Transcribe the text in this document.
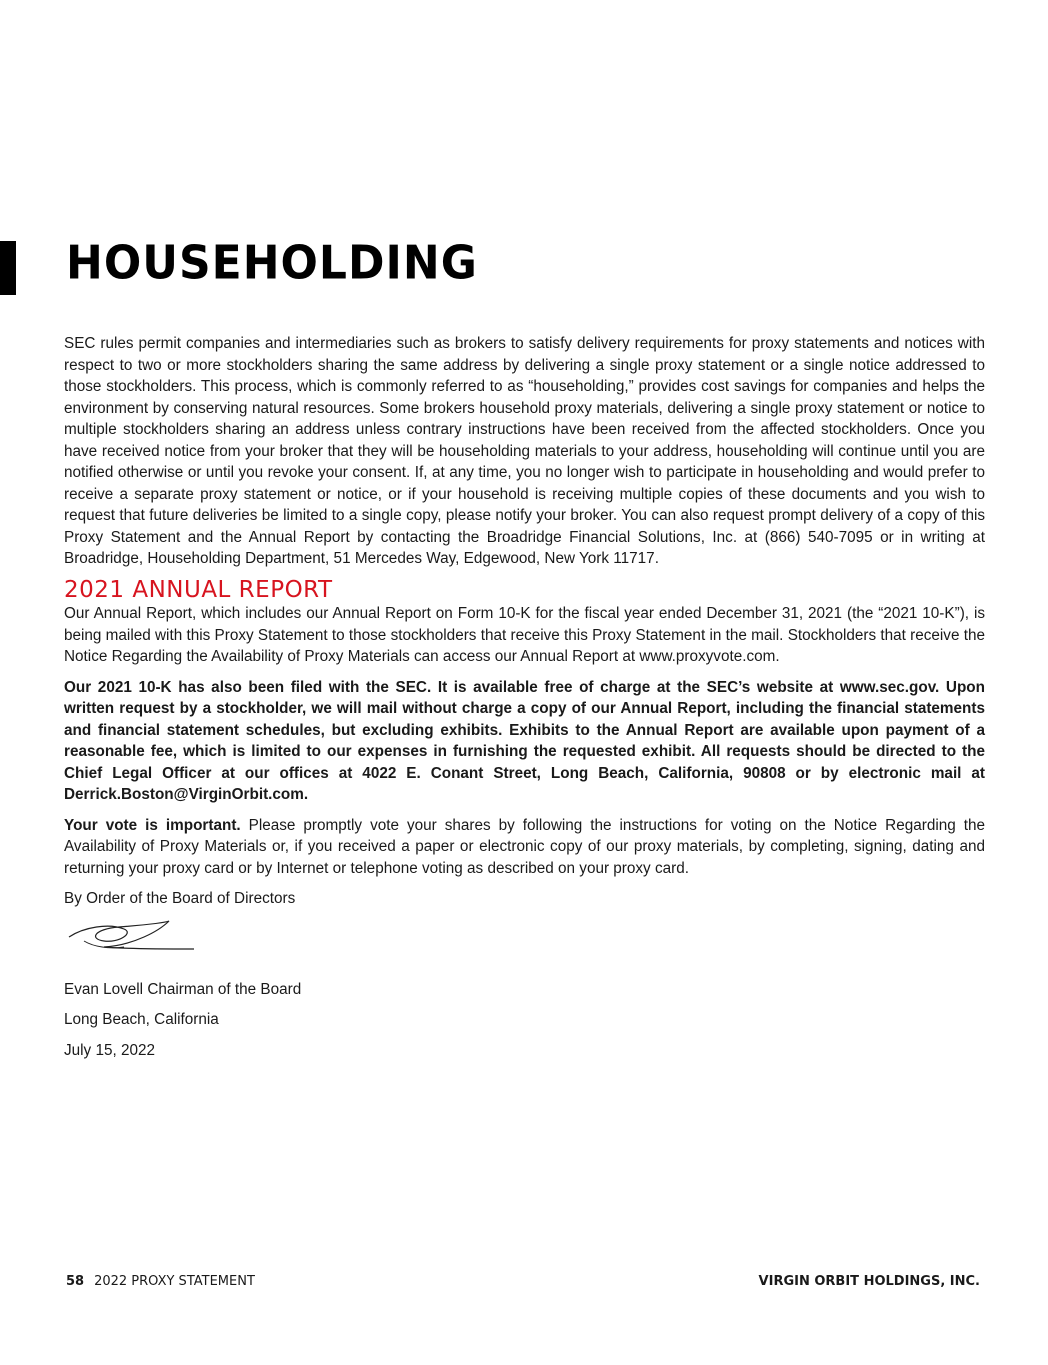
HOUSEHOLDING

SEC rules permit companies and intermediaries such as brokers to satisfy delivery requirements for proxy statements and notices with respect to two or more stockholders sharing the same address by delivering a single proxy statement or a single notice addressed to those stockholders. This process, which is commonly referred to as “householding,” provides cost savings for companies and helps the environment by conserving natural resources. Some brokers household proxy materials, delivering a single proxy statement or notice to multiple stockholders sharing an address unless contrary instructions have been received from the affected stockholders. Once you have received notice from your broker that they will be householding materials to your address, householding will continue until you are notified otherwise or until you revoke your consent. If, at any time, you no longer wish to participate in householding and would prefer to receive a separate proxy statement or notice, or if your household is receiving multiple copies of these documents and you wish to request that future deliveries be limited to a single copy, please notify your broker. You can also request prompt delivery of a copy of this Proxy Statement and the Annual Report by contacting the Broadridge Financial Solutions, Inc. at (866) 540-7095 or in writing at Broadridge, Householding Department, 51 Mercedes Way, Edgewood, New York 11717.

2021 ANNUAL REPORT

Our Annual Report, which includes our Annual Report on Form 10-K for the fiscal year ended December 31, 2021 (the “2021 10-K”), is being mailed with this Proxy Statement to those stockholders that receive this Proxy Statement in the mail. Stockholders that receive the Notice Regarding the Availability of Proxy Materials can access our Annual Report at www.proxyvote.com.

Our 2021 10-K has also been filed with the SEC. It is available free of charge at the SEC’s website at www.sec.gov. Upon written request by a stockholder, we will mail without charge a copy of our Annual Report, including the financial statements and financial statement schedules, but excluding exhibits. Exhibits to the Annual Report are available upon payment of a reasonable fee, which is limited to our expenses in furnishing the requested exhibit. All requests should be directed to the Chief Legal Officer at our offices at 4022 E. Conant Street, Long Beach, California, 90808 or by electronic mail at Derrick.Boston@VirginOrbit.com.

Your vote is important. Please promptly vote your shares by following the instructions for voting on the Notice Regarding the Availability of Proxy Materials or, if you received a paper or electronic copy of our proxy materials, by completing, signing, dating and returning your proxy card or by Internet or telephone voting as described on your proxy card.

By Order of the Board of Directors
Evan Lovell Chairman of the Board
Long Beach, California
July 15, 2022
58 2022 PROXY STATEMENT	VIRGIN ORBIT HOLDINGS, INC.
